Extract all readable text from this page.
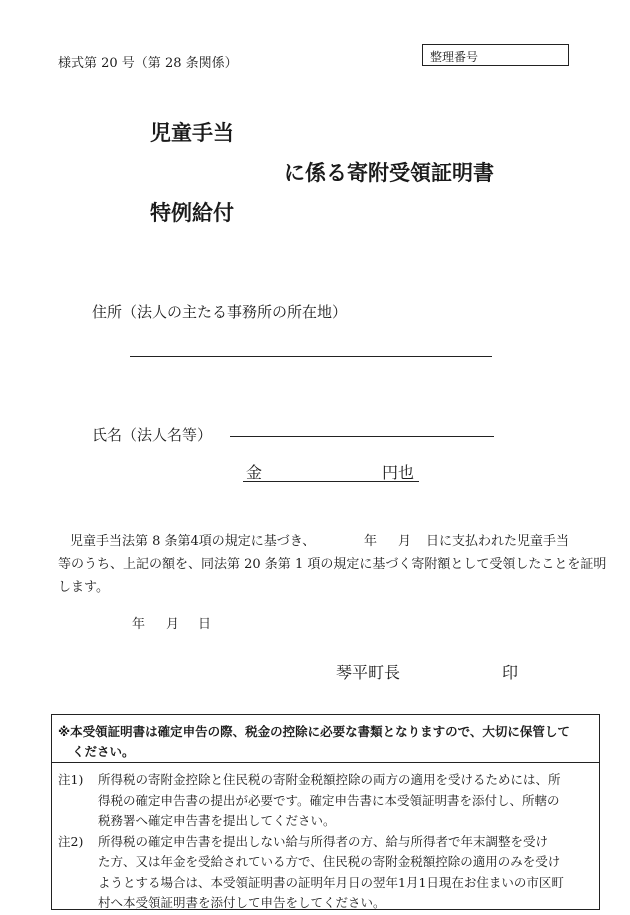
様式第 20 号（第 28 条関係）	整理番号
児童手当
に係る寄附受領証明書
特例給付
住所（法人の主たる事務所の所在地）
氏名（法人名等）
金	円也
児童手当法第 8 条第4項の規定に基づき、	年 月 日に支払われた児童手当
等のうち、上記の額を、同法第 20 条第 1 項の規定に基づく寄附額として受領したことを証明
します。
年 月 日
琴平町長	印
※本受領証明書は確定申告の際、税金の控除に必要な書類となりますので、大切に保管して
ください。
注1) 所得税の寄附金控除と住民税の寄附金税額控除の両方の適用を受けるためには、所
得税の確定申告書の提出が必要です。確定申告書に本受領証明書を添付し、所轄の
税務署へ確定申告書を提出してください。
注2) 所得税の確定申告書を提出しない給与所得者の方、給与所得者で年末調整を受け
た方、又は年金を受給されている方で、住民税の寄附金税額控除の適用のみを受け
ようとする場合は、本受領証明書の証明年月日の翌年1月1日現在お住まいの市区町
村へ本受領証明書を添付して申告をしてください。
